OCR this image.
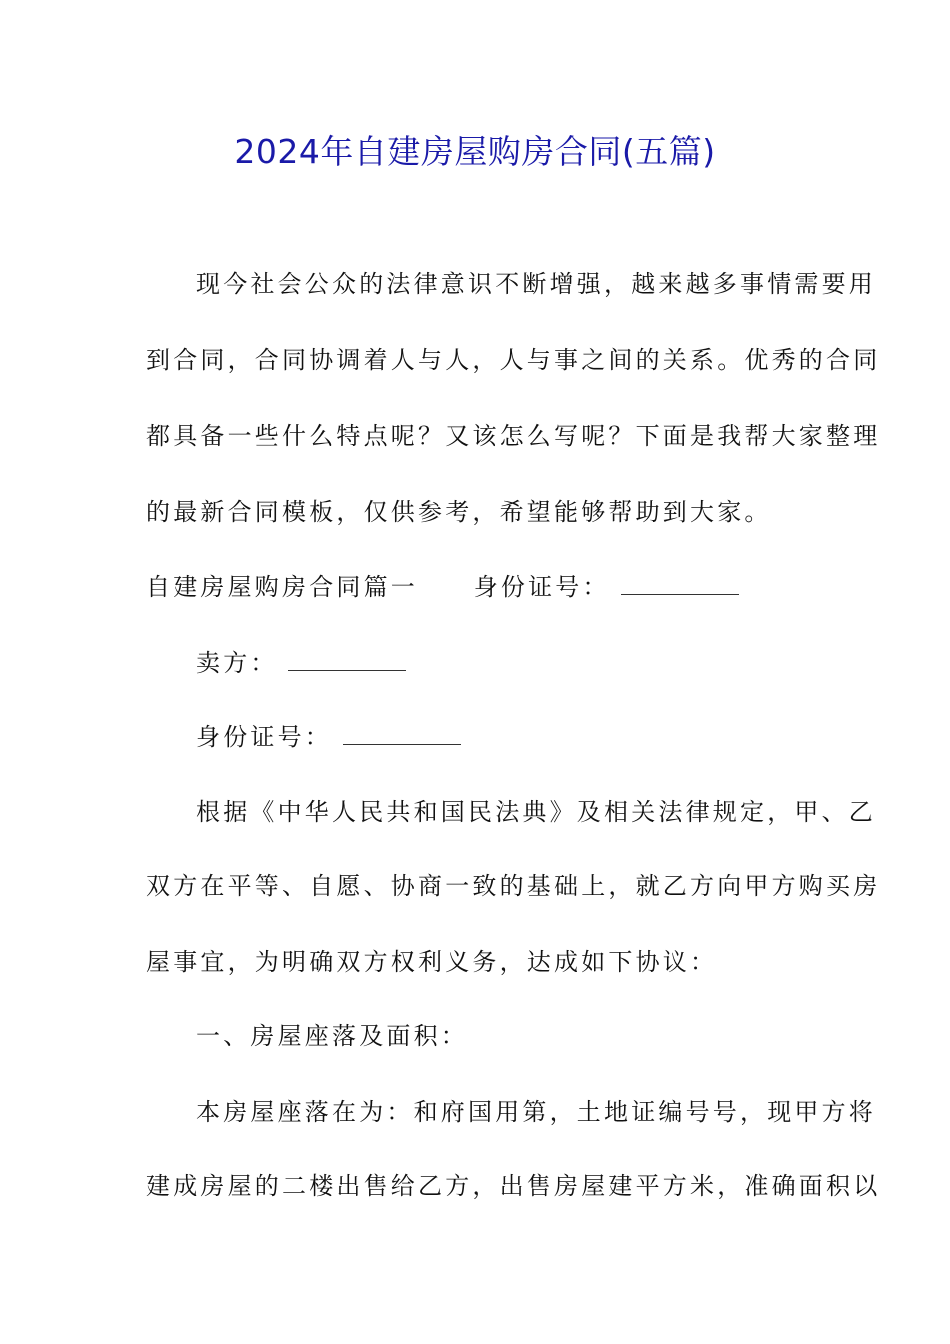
2024年自建房屋购房合同(五篇)
现今社会公众的法律意识不断增强，越来越多事情需要用
到合同，合同协调着人与人，人与事之间的关系。优秀的合同
都具备一些什么特点呢？又该怎么写呢？下面是我帮大家整理
的最新合同模板，仅供参考，希望能够帮助到大家。
自建房屋购房合同篇一 身份证号：
卖方：
身份证号：
根据《中华人民共和国民法典》及相关法律规定，甲、乙
双方在平等、自愿、协商一致的基础上，就乙方向甲方购买房
屋事宜，为明确双方权利义务，达成如下协议：
一、房屋座落及面积：
本房屋座落在为：和府国用第，土地证编号号，现甲方将
建成房屋的二楼出售给乙方，出售房屋建平方米，准确面积以
